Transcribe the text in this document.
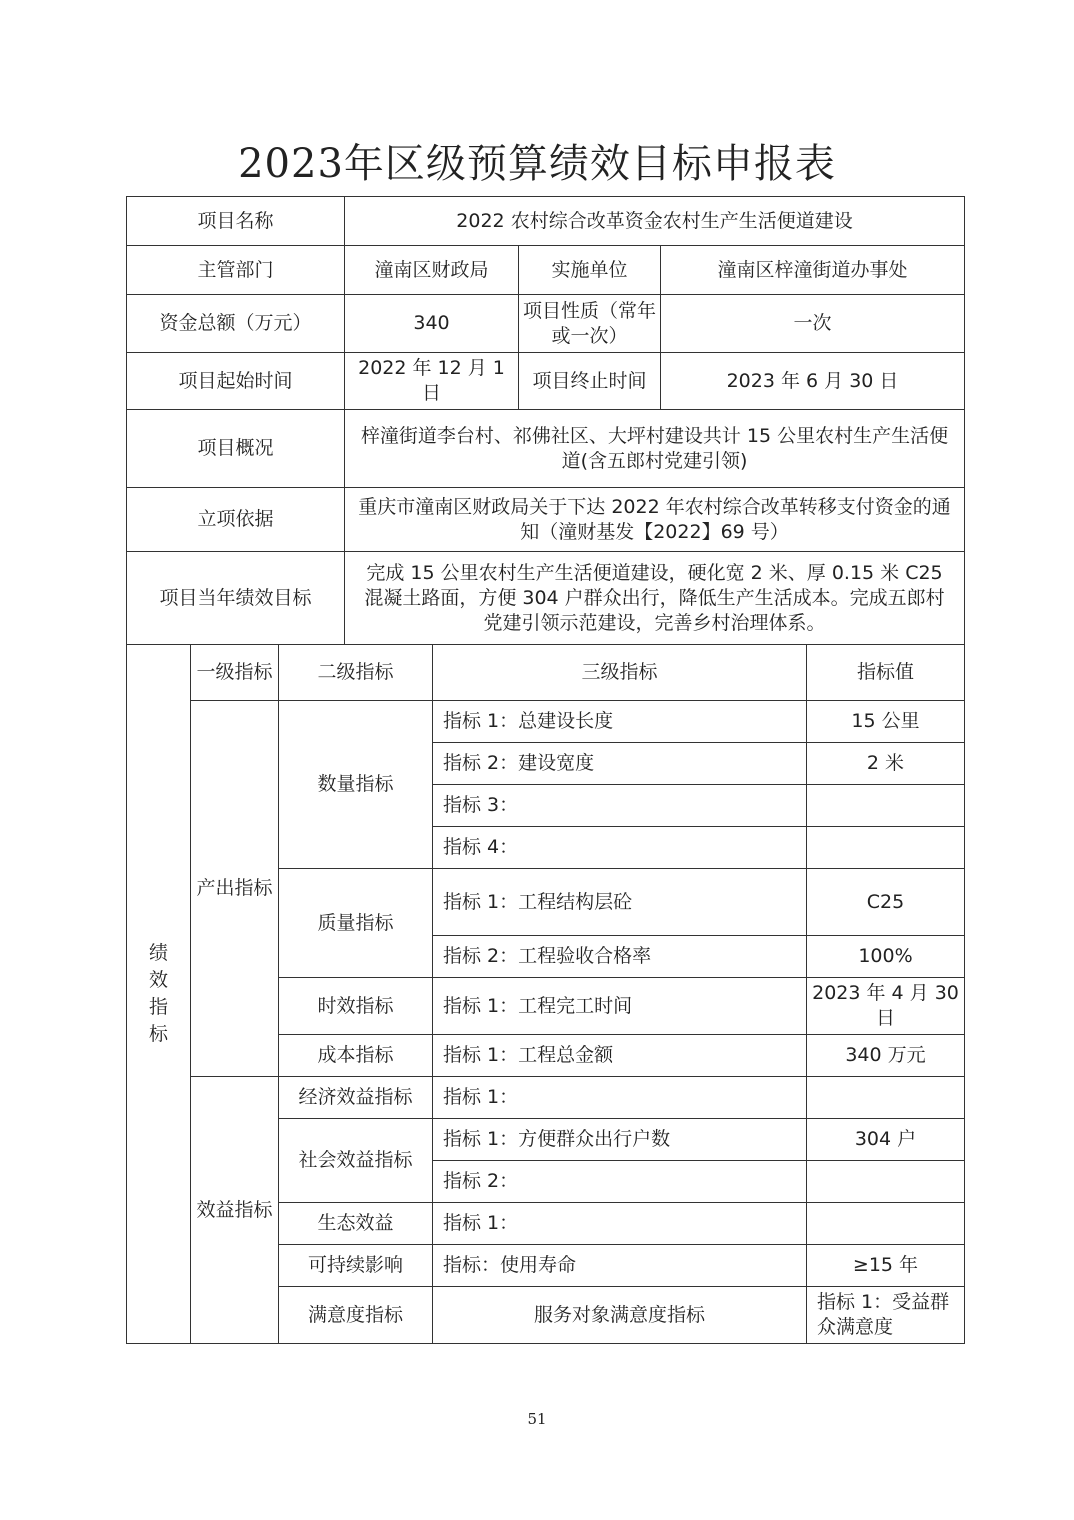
2023年区级预算绩效目标申报表
项目名称	2022 农村综合改革资金农村生产生活便道建设		
主管部门	潼南区财政局	实施单位	潼南区梓潼街道办事处
资金总额（万元）	340	项目性质（常年或一次）	一次
项目起始时间	2022 年 12 月 1 日	项目终止时间	2023 年 6 月 30 日
项目概况	梓潼街道李台村、祁佛社区、大坪村建设共计 15 公里农村生产生活便道(含五郎村党建引领)		
立项依据	重庆市潼南区财政局关于下达 2022 年农村综合改革转移支付资金的通知（潼财基发【2022】69 号）		
项目当年绩效目标	完成 15 公里农村生产生活便道建设，硬化宽 2 米、厚 0.15 米 C25 混凝土路面，方便 304 户群众出行，降低生产生活成本。完成五郎村党建引领示范建设，完善乡村治理体系。		
绩效指标	一级指标	二级指标	三级指标	指标值	
	产出指标	数量指标	指标 1：总建设长度	15 公里	
			指标 2：建设宽度	2 米	
			指标 3：		
			指标 4：		
		质量指标	指标 1：工程结构层砼	C25	
			指标 2：工程验收合格率	100%	
		时效指标	指标 1：工程完工时间	2023 年 4 月 30 日	
		成本指标	指标 1：工程总金额	340 万元	
	效益指标	经济效益指标	指标 1：		
		社会效益指标	指标 1：方便群众出行户数	304 户	
			指标 2：		
		生态效益	指标 1：		
		可持续影响	指标：使用寿命	≥15 年	
		满意度指标	服务对象满意度指标	指标 1：受益群众满意度	
51
